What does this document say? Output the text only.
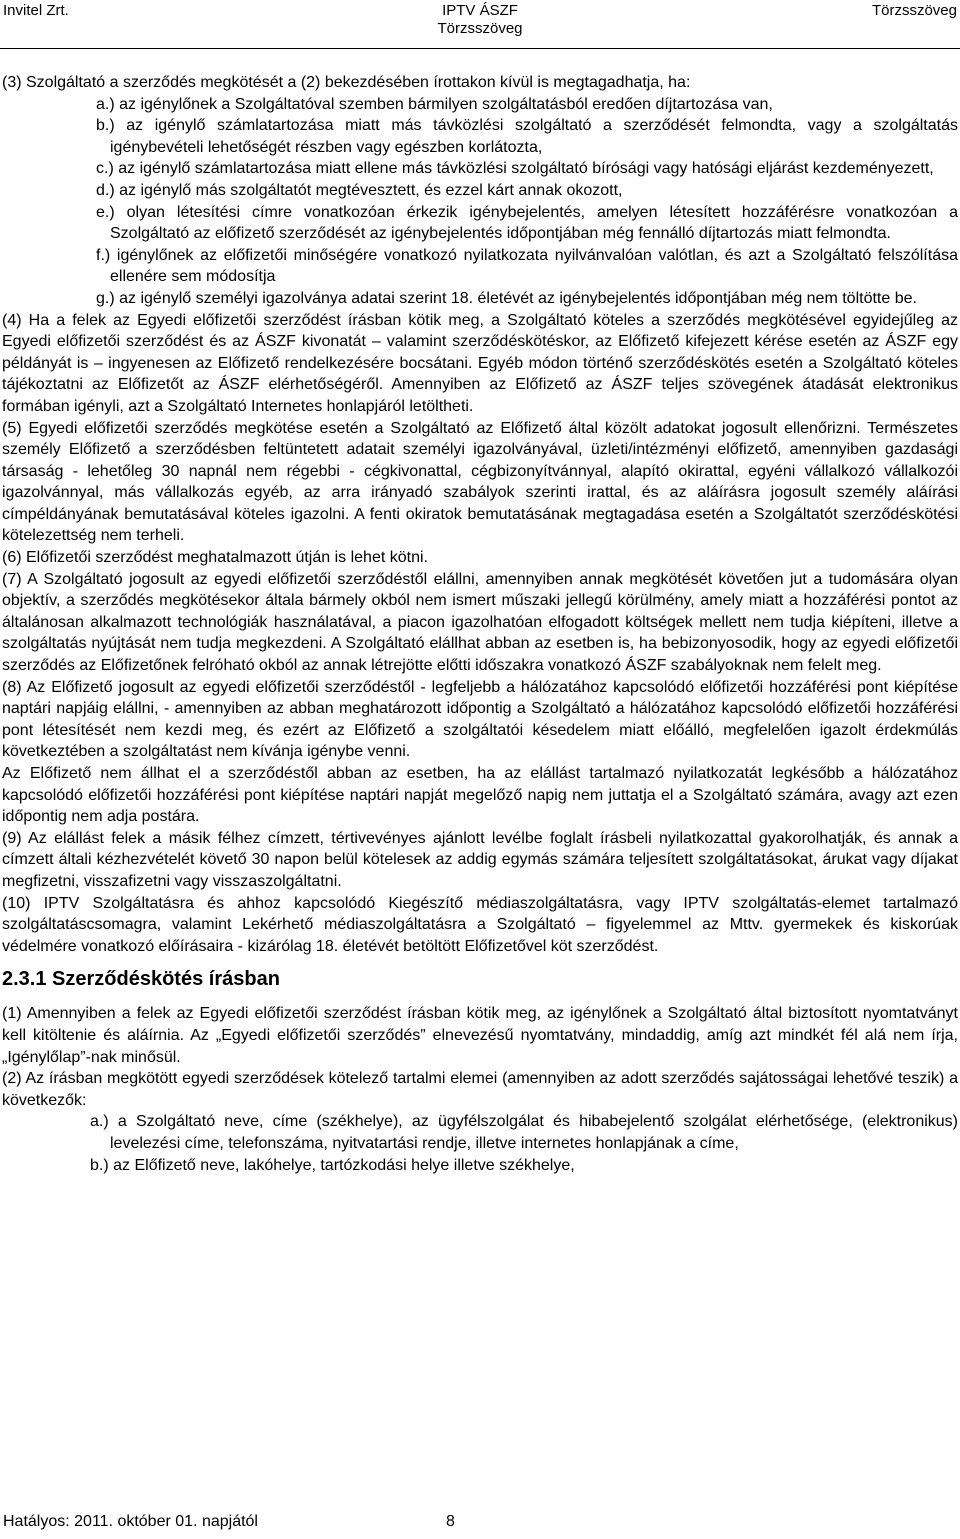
Invitel Zrt.	IPTV ÁSZF
Törzsszöveg
Törzsszöveg

(3) Szolgáltató a szerződés megkötését a (2) bekezdésében írottakon kívül is megtagadhatja, ha:

a.) az igénylőnek a Szolgáltatóval szemben bármilyen szolgáltatásból eredően díjtartozása van,

b.) az igénylő számlatartozása miatt más távközlési szolgáltató a szerződését felmondta, vagy a szolgáltatás igénybevételi lehetőségét részben vagy egészben korlátozta,

c.) az igénylő számlatartozása miatt ellene más távközlési szolgáltató bírósági vagy hatósági eljárást kezdeményezett,

d.) az igénylő más szolgáltatót megtévesztett, és ezzel kárt annak okozott,

e.) olyan létesítési címre vonatkozóan érkezik igénybejelentés, amelyen létesített hozzáférésre vonatkozóan a Szolgáltató az előfizető szerződését az igénybejelentés időpontjában még fennálló díjtartozás miatt felmondta.

f.) igénylőnek az előfizetői minőségére vonatkozó nyilatkozata nyilvánvalóan valótlan, és azt a Szolgáltató felszólítása ellenére sem módosítja

g.) az igénylő személyi igazolványa adatai szerint 18. életévét az igénybejelentés időpontjában még nem töltötte be.

(4) Ha a felek az Egyedi előfizetői szerződést írásban kötik meg, a Szolgáltató köteles a szerződés megkötésével egyidejűleg az Egyedi előfizetői szerződést és az ÁSZF kivonatát – valamint szerződéskötéskor, az Előfizető kifejezett kérése esetén az ÁSZF egy példányát is – ingyenesen az Előfizető rendelkezésére bocsátani. Egyéb módon történő szerződéskötés esetén a Szolgáltató köteles tájékoztatni az Előfizetőt az ÁSZF elérhetőségéről. Amennyiben az Előfizető az ÁSZF teljes szövegének átadását elektronikus formában igényli, azt a Szolgáltató Internetes honlapjáról letöltheti.

(5) Egyedi előfizetői szerződés megkötése esetén a Szolgáltató az Előfizető által közölt adatokat jogosult ellenőrizni. Természetes személy Előfizető a szerződésben feltüntetett adatait személyi igazolványával, üzleti/intézményi előfizető, amennyiben gazdasági társaság - lehetőleg 30 napnál nem régebbi - cégkivonattal, cégbizonyítvánnyal, alapító okirattal, egyéni vállalkozó vállalkozói igazolvánnyal, más vállalkozás egyéb, az arra irányadó szabályok szerinti irattal, és az aláírásra jogosult személy aláírási címpéldányának bemutatásával köteles igazolni. A fenti okiratok bemutatásának megtagadása esetén a Szolgáltatót szerződéskötési kötelezettség nem terheli.

(6) Előfizetői szerződést meghatalmazott útján is lehet kötni.

(7) A Szolgáltató jogosult az egyedi előfizetői szerződéstől elállni, amennyiben annak megkötését követően jut a tudomására olyan objektív, a szerződés megkötésekor általa bármely okból nem ismert műszaki jellegű körülmény, amely miatt a hozzáférési pontot az általánosan alkalmazott technológiák használatával, a piacon igazolhatóan elfogadott költségek mellett nem tudja kiépíteni, illetve a szolgáltatás nyújtását nem tudja megkezdeni. A Szolgáltató elállhat abban az esetben is, ha bebizonyosodik, hogy az egyedi előfizetői szerződés az Előfizetőnek felróható okból az annak létrejötte előtti időszakra vonatkozó ÁSZF szabályoknak nem felelt meg.

(8) Az Előfizető jogosult az egyedi előfizetői szerződéstől - legfeljebb a hálózatához kapcsolódó előfizetői hozzáférési pont kiépítése naptári napjáig elállni, - amennyiben az abban meghatározott időpontig a Szolgáltató a hálózatához kapcsolódó előfizetői hozzáférési pont létesítését nem kezdi meg, és ezért az Előfizető a szolgáltatói késedelem miatt előálló, megfelelően igazolt érdekmúlás következtében a szolgáltatást nem kívánja igénybe venni.

Az Előfizető nem állhat el a szerződéstől abban az esetben, ha az elállást tartalmazó nyilatkozatát legkésőbb a hálózatához kapcsolódó előfizetői hozzáférési pont kiépítése naptári napját megelőző napig nem juttatja el a Szolgáltató számára, avagy azt ezen időpontig nem adja postára.

(9) Az elállást felek a másik félhez címzett, tértivevényes ajánlott levélbe foglalt írásbeli nyilatkozattal gyakorolhatják, és annak a címzett általi kézhezvételét követő 30 napon belül kötelesek az addig egymás számára teljesített szolgáltatásokat, árukat vagy díjakat megfizetni, visszafizetni vagy visszaszolgáltatni.

(10) IPTV Szolgáltatásra és ahhoz kapcsolódó Kiegészítő médiaszolgáltatásra, vagy IPTV szolgáltatás-elemet tartalmazó szolgáltatáscsomagra, valamint Lekérhető médiaszolgáltatásra a Szolgáltató – figyelemmel az Mttv. gyermekek és kiskorúak védelmére vonatkozó előírásaira - kizárólag 18. életévét betöltött Előfizetővel köt szerződést.

2.3.1 Szerződéskötés írásban

(1) Amennyiben a felek az Egyedi előfizetői szerződést írásban kötik meg, az igénylőnek a Szolgáltató által biztosított nyomtatványt kell kitöltenie és aláírnia. Az „Egyedi előfizetői szerződés” elnevezésű nyomtatvány, mindaddig, amíg azt mindkét fél alá nem írja, „Igénylőlap”-nak minősül.

(2) Az írásban megkötött egyedi szerződések kötelező tartalmi elemei (amennyiben az adott szerződés sajátosságai lehetővé teszik) a következők:

a.) a Szolgáltató neve, címe (székhelye), az ügyfélszolgálat és hibabejelentő szolgálat elérhetősége, (elektronikus) levelezési címe, telefonszáma, nyitvatartási rendje, illetve internetes honlapjának a címe,

b.) az Előfizető neve, lakóhelye, tartózkodási helye illetve székhelye,

Hatályos: 2011. október 01. napjától	8
